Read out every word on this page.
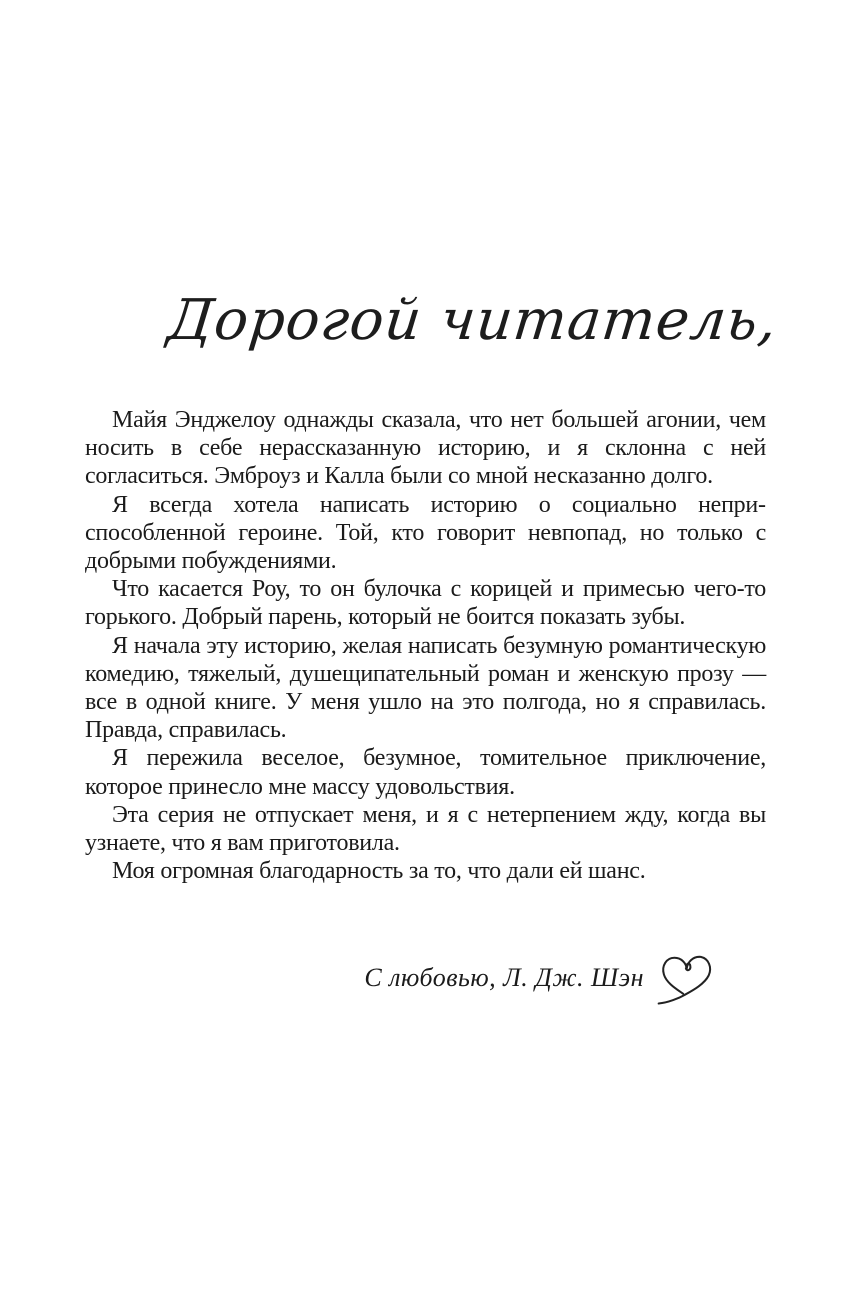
Дорогой читатель,

Майя Энджелоу однажды сказала, что нет большей агонии, чем носить в себе нерассказанную историю, и я склонна с ней согласиться. Эмброуз и Калла были со мной несказанно долго.

Я всегда хотела написать историю о социально неприспособленной героине. Той, кто говорит невпопад, но только с добрыми побуждениями.

Что касается Роу, то он булочка с корицей и примесью чего-то горького. Добрый парень, который не боится показать зубы.

Я начала эту историю, желая написать безумную романтическую комедию, тяжелый, душещипательный роман и женскую прозу — все в одной книге. У меня ушло на это полгода, но я справилась. Правда, справилась.

Я пережила веселое, безумное, томительное приключение, которое принесло мне массу удовольствия.

Эта серия не отпускает меня, и я с нетерпением жду, когда вы узнаете, что я вам приготовила.

Моя огромная благодарность за то, что дали ей шанс.

С любовью, Л. Дж. Шэн
